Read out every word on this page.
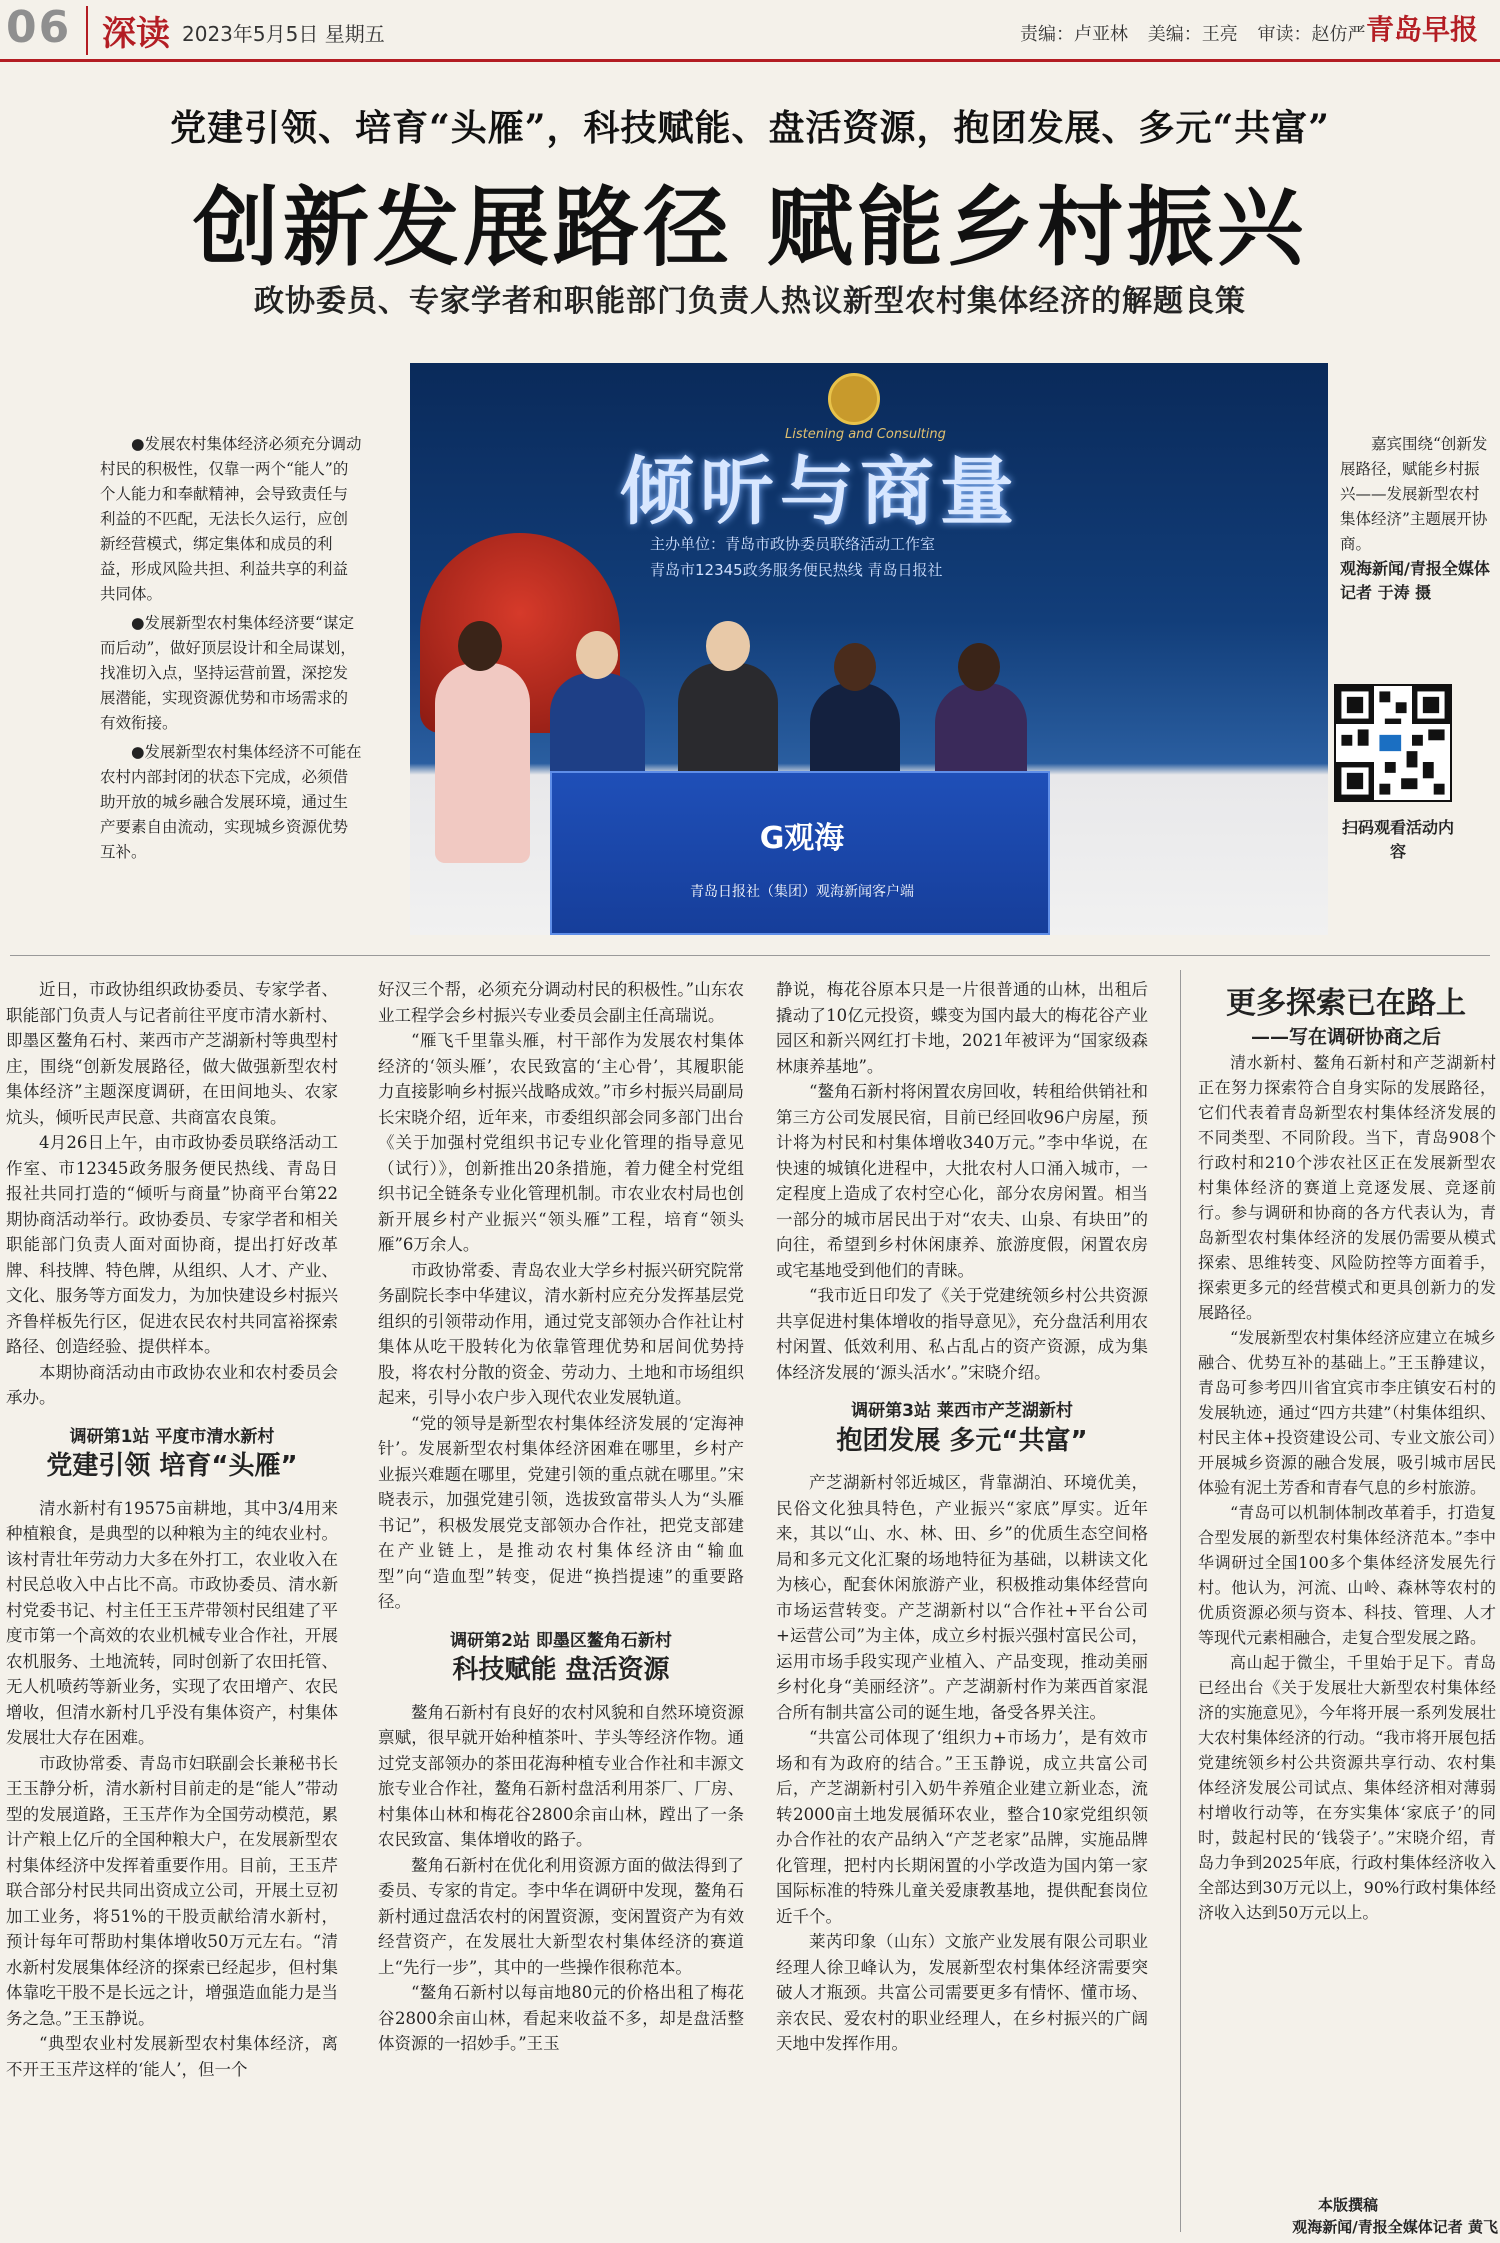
06 深读 2023年5月5日 星期五	责编：卢亚林 美编：王亮 审读：赵仿严 青岛早报
党建引领、培育“头雁”，科技赋能、盘活资源，抱团发展、多元“共富”
创新发展路径 赋能乡村振兴
政协委员、专家学者和职能部门负责人热议新型农村集体经济的解题良策

●发展农村集体经济必须充分调动村民的积极性，仅靠一两个“能人”的个人能力和奉献精神，会导致责任与利益的不匹配，无法长久运行，应创新经营模式，绑定集体和成员的利益，形成风险共担、利益共享的利益共同体。

●发展新型农村集体经济要“谋定而后动”，做好顶层设计和全局谋划，找准切入点，坚持运营前置，深挖发展潜能，实现资源优势和市场需求的有效衔接。

●发展新型农村集体经济不可能在农村内部封闭的状态下完成，必须借助开放的城乡融合发展环境，通过生产要素自由流动，实现城乡资源优势互补。

Listening and Consulting
倾听与商量
主办单位：青岛市政协委员联络活动工作室
青岛市12345政务服务便民热线 青岛日报社
G观海
青岛日报社（集团）观海新闻客户端
嘉宾围绕“创新发展路径，赋能乡村振兴——发展新型农村集体经济”主题展开协商。
观海新闻/青报全媒体记者 于涛 摄
扫码观看活动内容

近日，市政协组织政协委员、专家学者、职能部门负责人与记者前往平度市清水新村、即墨区鳌角石村、莱西市产芝湖新村等典型村庄，围绕“创新发展路径，做大做强新型农村集体经济”主题深度调研，在田间地头、农家炕头，倾听民声民意、共商富农良策。

4月26日上午，由市政协委员联络活动工作室、市12345政务服务便民热线、青岛日报社共同打造的“倾听与商量”协商平台第22期协商活动举行。政协委员、专家学者和相关职能部门负责人面对面协商，提出打好改革牌、科技牌、特色牌，从组织、人才、产业、文化、服务等方面发力，为加快建设乡村振兴齐鲁样板先行区，促进农民农村共同富裕探索路径、创造经验、提供样本。

本期协商活动由市政协农业和农村委员会承办。

调研第1站 平度市清水新村
党建引领 培育“头雁”

清水新村有19575亩耕地，其中3/4用来种植粮食，是典型的以种粮为主的纯农业村。该村青壮年劳动力大多在外打工，农业收入在村民总收入中占比不高。市政协委员、清水新村党委书记、村主任王玉芹带领村民组建了平度市第一个高效的农业机械专业合作社，开展农机服务、土地流转，同时创新了农田托管、无人机喷药等新业务，实现了农田增产、农民增收，但清水新村几乎没有集体资产，村集体发展壮大存在困难。

市政协常委、青岛市妇联副会长兼秘书长王玉静分析，清水新村目前走的是“能人”带动型的发展道路，王玉芹作为全国劳动模范，累计产粮上亿斤的全国种粮大户，在发展新型农村集体经济中发挥着重要作用。目前，王玉芹联合部分村民共同出资成立公司，开展土豆初加工业务，将51%的干股贡献给清水新村，预计每年可帮助村集体增收50万元左右。“清水新村发展集体经济的探索已经起步，但村集体靠吃干股不是长远之计，增强造血能力是当务之急。”王玉静说。

“典型农业村发展新型农村集体经济，离不开王玉芹这样的‘能人’，但一个

好汉三个帮，必须充分调动村民的积极性。”山东农业工程学会乡村振兴专业委员会副主任高瑞说。

“雁飞千里靠头雁，村干部作为发展农村集体经济的‘领头雁’，农民致富的‘主心骨’，其履职能力直接影响乡村振兴战略成效。”市乡村振兴局副局长宋晓介绍，近年来，市委组织部会同多部门出台《关于加强村党组织书记专业化管理的指导意见（试行）》，创新推出20条措施，着力健全村党组织书记全链条专业化管理机制。市农业农村局也创新开展乡村产业振兴“领头雁”工程，培育“领头雁”6万余人。

市政协常委、青岛农业大学乡村振兴研究院常务副院长李中华建议，清水新村应充分发挥基层党组织的引领带动作用，通过党支部领办合作社让村集体从吃干股转化为依靠管理优势和居间优势持股，将农村分散的资金、劳动力、土地和市场组织起来，引导小农户步入现代农业发展轨道。

“党的领导是新型农村集体经济发展的‘定海神针’。发展新型农村集体经济困难在哪里，乡村产业振兴难题在哪里，党建引领的重点就在哪里。”宋晓表示，加强党建引领，选拔致富带头人为“头雁书记”，积极发展党支部领办合作社，把党支部建在产业链上，是推动农村集体经济由“输血型”向“造血型”转变，促进“换挡提速”的重要路径。

调研第2站 即墨区鳌角石新村
科技赋能 盘活资源

鳌角石新村有良好的农村风貌和自然环境资源禀赋，很早就开始种植茶叶、芋头等经济作物。通过党支部领办的茶田花海种植专业合作社和丰源文旅专业合作社，鳌角石新村盘活利用茶厂、厂房、村集体山林和梅花谷2800余亩山林，蹚出了一条农民致富、集体增收的路子。

鳌角石新村在优化利用资源方面的做法得到了委员、专家的肯定。李中华在调研中发现，鳌角石新村通过盘活农村的闲置资源，变闲置资产为有效经营资产，在发展壮大新型农村集体经济的赛道上“先行一步”，其中的一些操作很称范本。

“鳌角石新村以每亩地80元的价格出租了梅花谷2800余亩山林，看起来收益不多，却是盘活整体资源的一招妙手。”王玉

静说，梅花谷原本只是一片很普通的山林，出租后撬动了10亿元投资，蝶变为国内最大的梅花谷产业园区和新兴网红打卡地，2021年被评为“国家级森林康养基地”。

“鳌角石新村将闲置农房回收，转租给供销社和第三方公司发展民宿，目前已经回收96户房屋，预计将为村民和村集体增收340万元。”李中华说，在快速的城镇化进程中，大批农村人口涌入城市，一定程度上造成了农村空心化，部分农房闲置。相当一部分的城市居民出于对“农夫、山泉、有块田”的向往，希望到乡村休闲康养、旅游度假，闲置农房或宅基地受到他们的青睐。

“我市近日印发了《关于党建统领乡村公共资源共享促进村集体增收的指导意见》，充分盘活利用农村闲置、低效利用、私占乱占的资产资源，成为集体经济发展的‘源头活水’。”宋晓介绍。

调研第3站 莱西市产芝湖新村
抱团发展 多元“共富”

产芝湖新村邻近城区，背靠湖泊、环境优美，民俗文化独具特色，产业振兴“家底”厚实。近年来，其以“山、水、林、田、乡”的优质生态空间格局和多元文化汇聚的场地特征为基础，以耕读文化为核心，配套休闲旅游产业，积极推动集体经营向市场运营转变。产芝湖新村以“合作社+平台公司+运营公司”为主体，成立乡村振兴强村富民公司，运用市场手段实现产业植入、产品变现，推动美丽乡村化身“美丽经济”。产芝湖新村作为莱西首家混合所有制共富公司的诞生地，备受各界关注。

“共富公司体现了‘组织力+市场力’，是有效市场和有为政府的结合。”王玉静说，成立共富公司后，产芝湖新村引入奶牛养殖企业建立新业态，流转2000亩土地发展循环农业，整合10家党组织领办合作社的农产品纳入“产芝老家”品牌，实施品牌化管理，把村内长期闲置的小学改造为国内第一家国际标准的特殊儿童关爱康教基地，提供配套岗位近千个。

莱芮印象（山东）文旅产业发展有限公司职业经理人徐卫峰认为，发展新型农村集体经济需要突破人才瓶颈。共富公司需要更多有情怀、懂市场、亲农民、爱农村的职业经理人，在乡村振兴的广阔天地中发挥作用。

更多探索已在路上
——写在调研协商之后

清水新村、鳌角石新村和产芝湖新村正在努力探索符合自身实际的发展路径，它们代表着青岛新型农村集体经济发展的不同类型、不同阶段。当下，青岛908个行政村和210个涉农社区正在发展新型农村集体经济的赛道上竞逐发展、竞逐前行。参与调研和协商的各方代表认为，青岛新型农村集体经济的发展仍需要从模式探索、思维转变、风险防控等方面着手，探索更多元的经营模式和更具创新力的发展路径。

“发展新型农村集体经济应建立在城乡融合、优势互补的基础上。”王玉静建议，青岛可参考四川省宜宾市李庄镇安石村的发展轨迹，通过“四方共建”（村集体组织、村民主体+投资建设公司、专业文旅公司）开展城乡资源的融合发展，吸引城市居民体验有泥土芳香和青春气息的乡村旅游。

“青岛可以机制体制改革着手，打造复合型发展的新型农村集体经济范本。”李中华调研过全国100多个集体经济发展先行村。他认为，河流、山岭、森林等农村的优质资源必须与资本、科技、管理、人才等现代元素相融合，走复合型发展之路。

高山起于微尘，千里始于足下。青岛已经出台《关于发展壮大新型农村集体经济的实施意见》，今年将开展一系列发展壮大农村集体经济的行动。“我市将开展包括党建统领乡村公共资源共享行动、农村集体经济发展公司试点、集体经济相对薄弱村增收行动等，在夯实集体‘家底子’的同时，鼓起村民的‘钱袋子’。”宋晓介绍，青岛力争到2025年底，行政村集体经济收入全部达到30万元以上，90%行政村集体经济收入达到50万元以上。

本版撰稿
观海新闻/青报全媒体记者 黄飞
